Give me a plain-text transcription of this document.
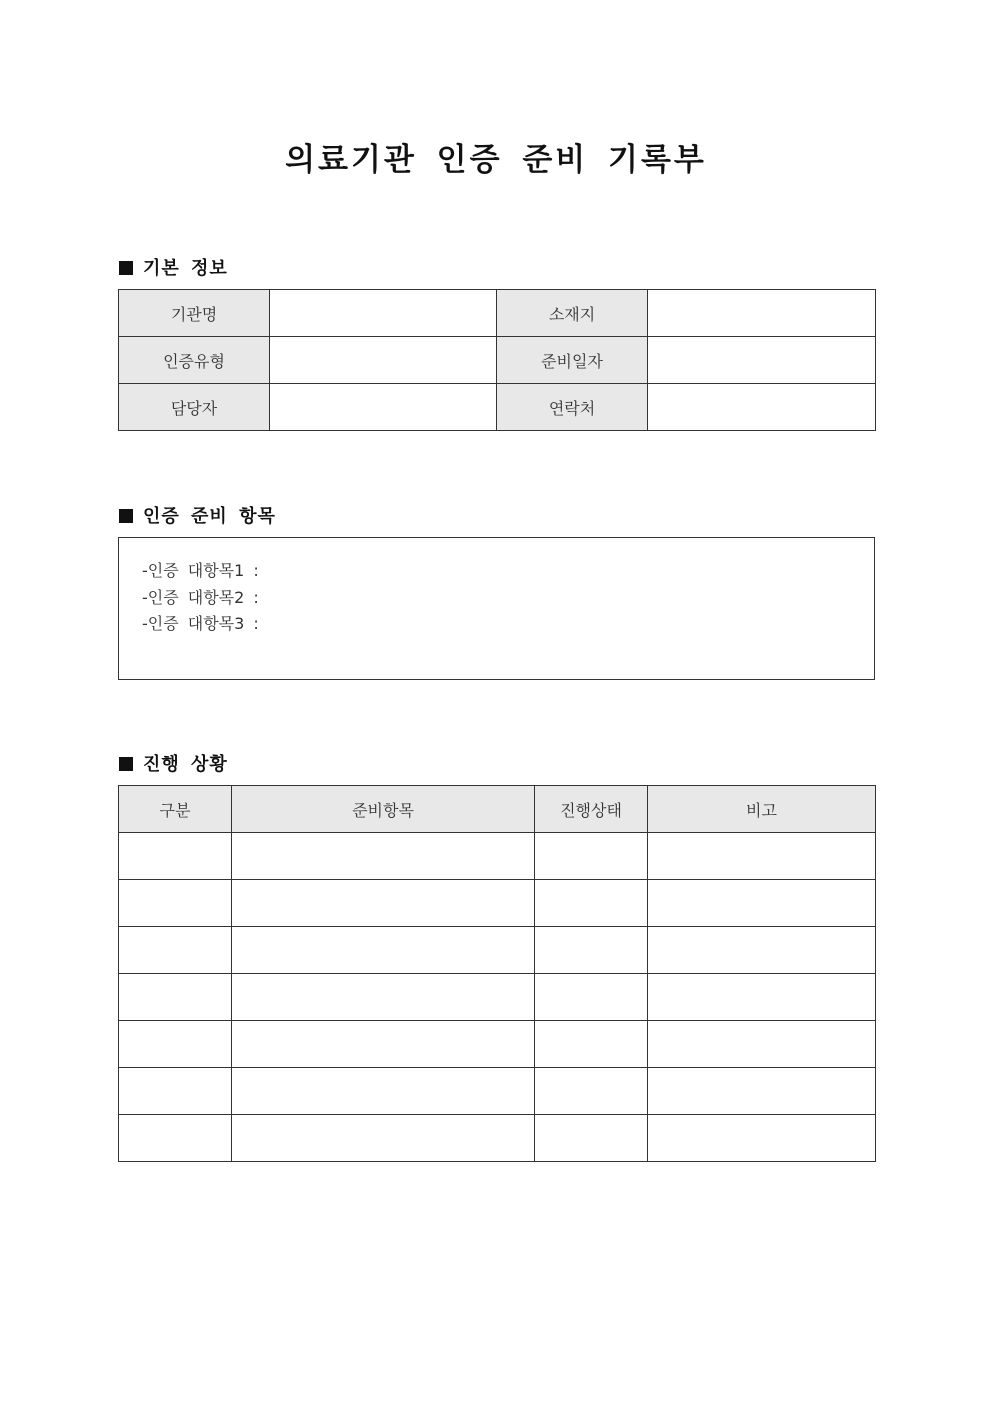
의료기관 인증 준비 기록부
기본 정보
기관명		소재지	
인증유형		준비일자	
담당자		연락처	
인증 준비 항목
-인증 대항목1 :
-인증 대항목2 :
-인증 대항목3 :
진행 상황
구분	준비항목	진행상태	비고
